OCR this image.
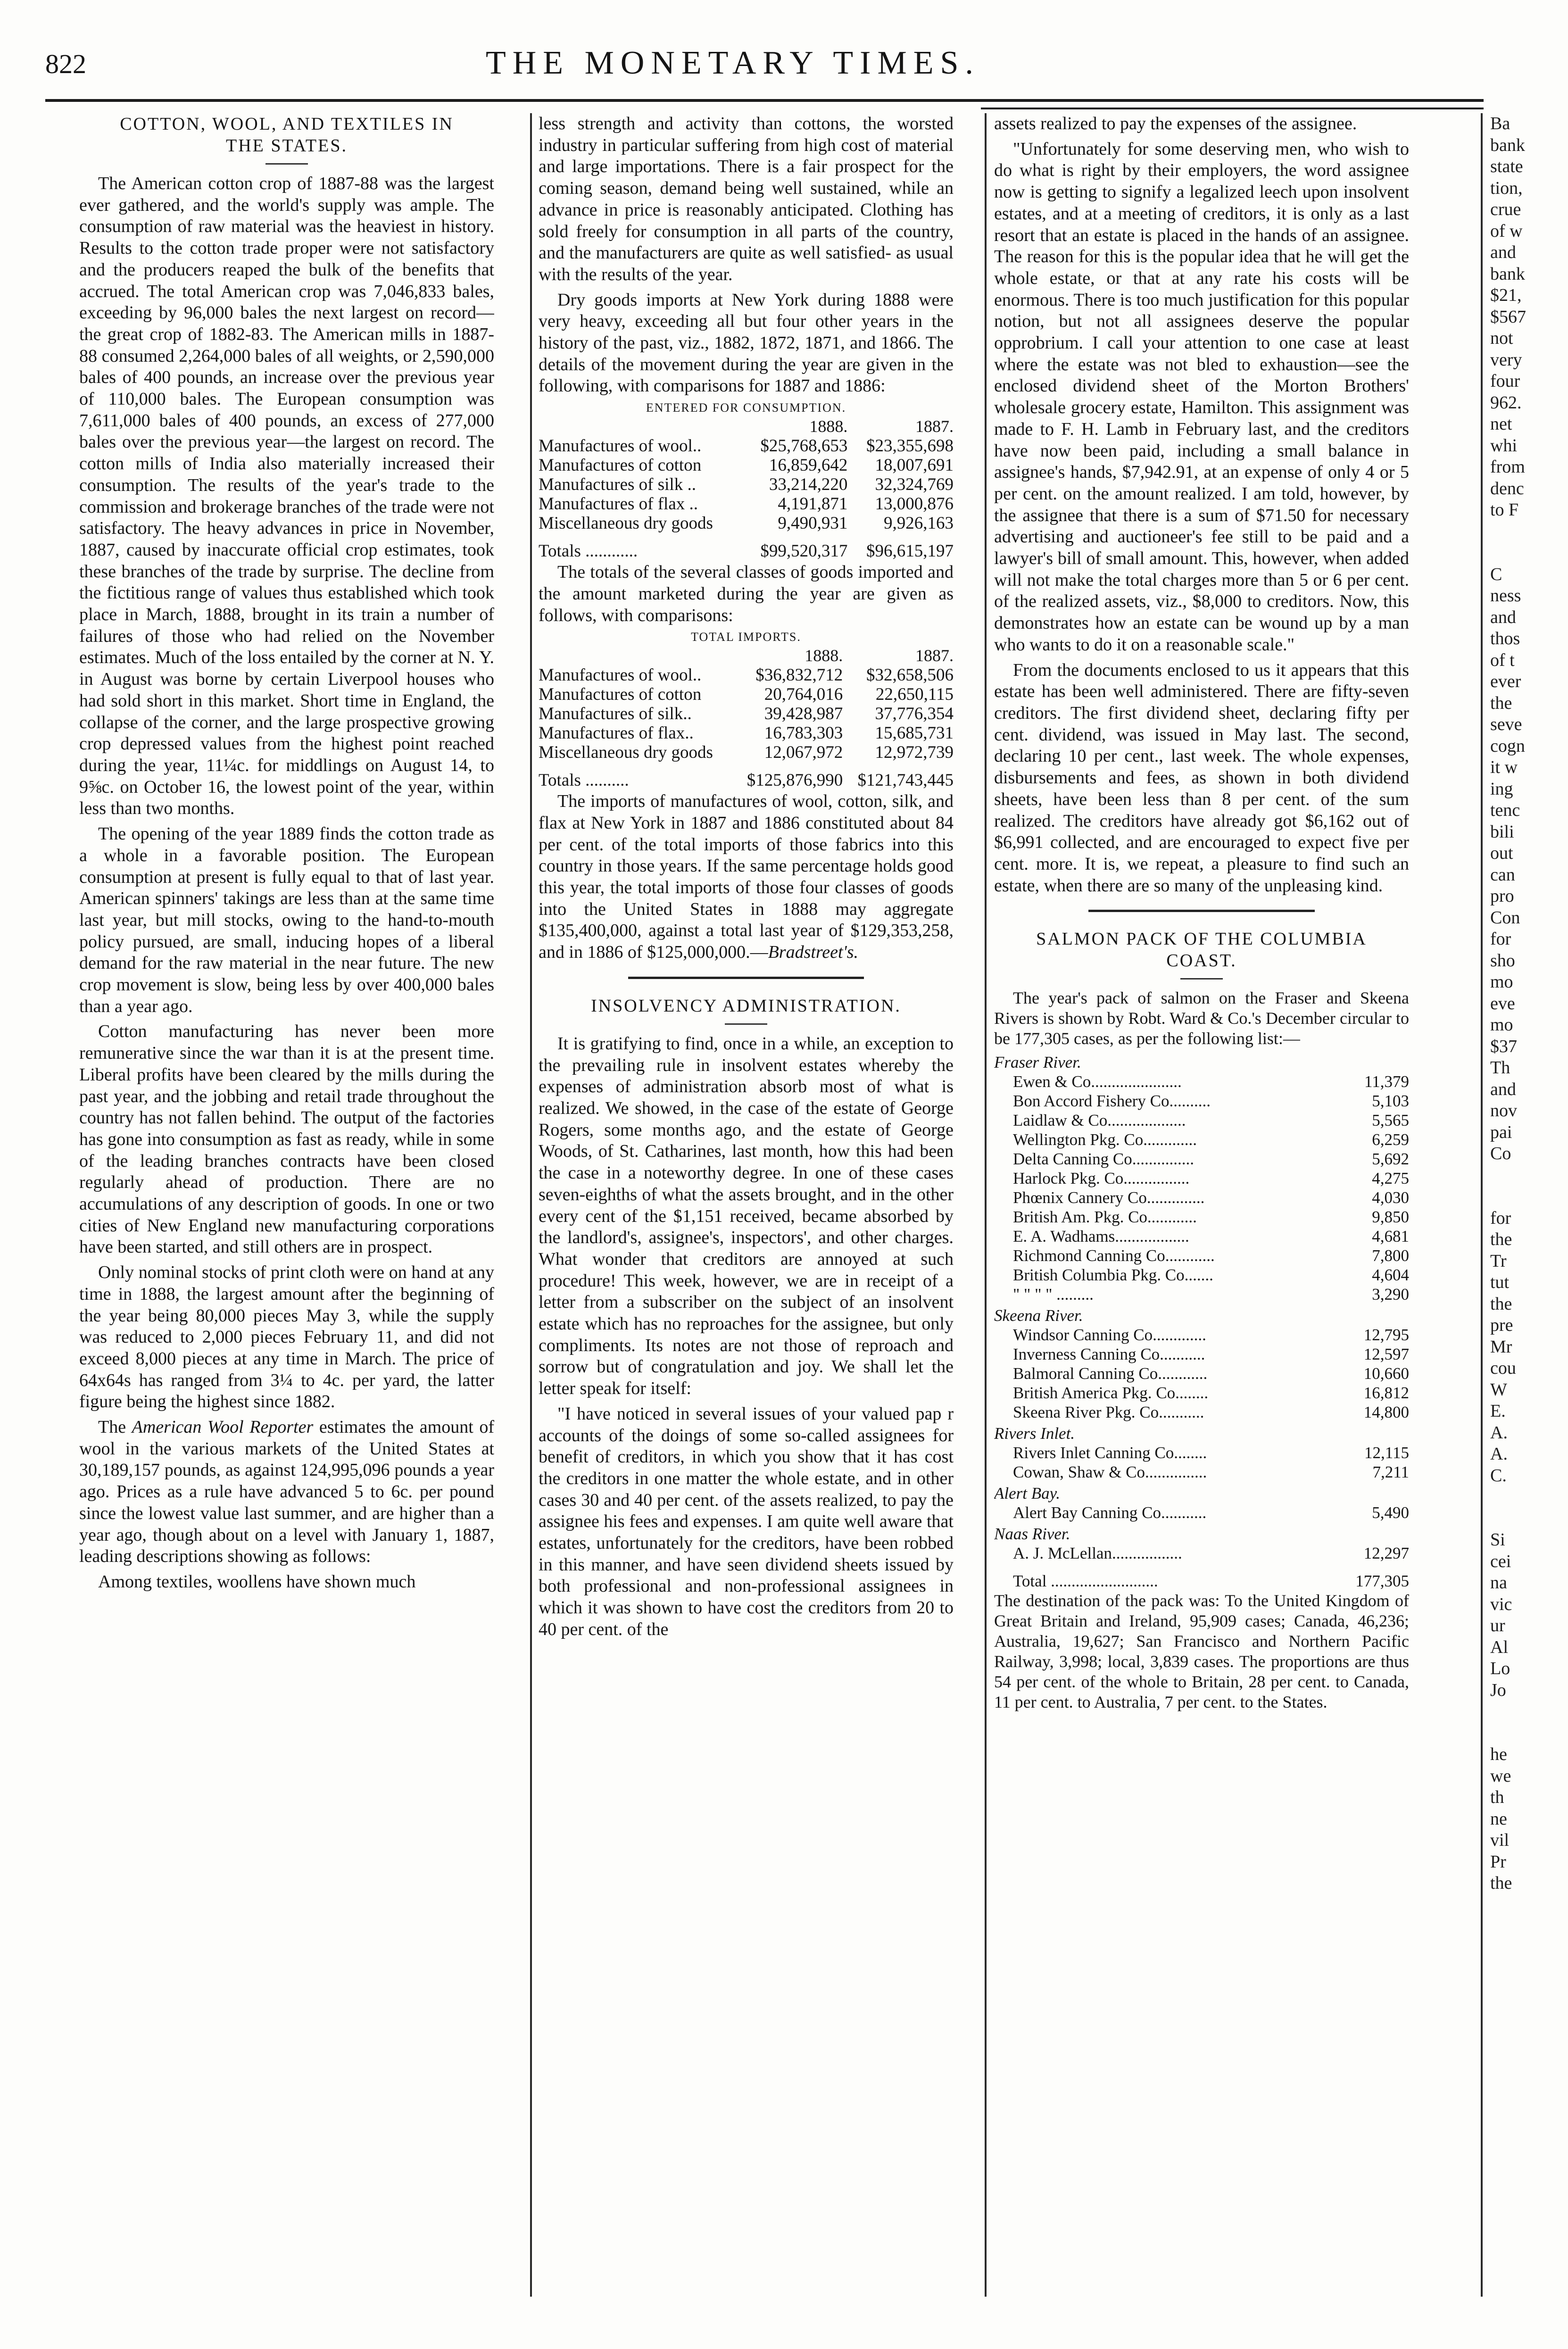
822	THE MONETARY TIMES.
COTTON, WOOL, AND TEXTILES IN
THE STATES.

The American cotton crop of 1887-88 was the largest ever gathered, and the world's supply was ample. The consumption of raw material was the heaviest in history. Results to the cotton trade proper were not satisfactory and the producers reaped the bulk of the benefits that accrued. The total American crop was 7,046,833 bales, exceeding by 96,000 bales the next largest on record—the great crop of 1882-83. The American mills in 1887-88 consumed 2,264,000 bales of all weights, or 2,590,000 bales of 400 pounds, an increase over the previous year of 110,000 bales. The European consumption was 7,611,000 bales of 400 pounds, an excess of 277,000 bales over the previous year—the largest on record. The cotton mills of India also materially increased their consumption. The results of the year's trade to the commission and brokerage branches of the trade were not satisfactory. The heavy advances in price in November, 1887, caused by inaccurate official crop estimates, took these branches of the trade by surprise. The decline from the fictitious range of values thus established which took place in March, 1888, brought in its train a number of failures of those who had relied on the November estimates. Much of the loss entailed by the corner at N. Y. in August was borne by certain Liverpool houses who had sold short in this market. Short time in England, the collapse of the corner, and the large prospective growing crop depressed values from the highest point reached during the year, 11¼c. for middlings on August 14, to 9⅝c. on October 16, the lowest point of the year, within less than two months.

The opening of the year 1889 finds the cotton trade as a whole in a favorable position. The European consumption at present is fully equal to that of last year. American spinners' takings are less than at the same time last year, but mill stocks, owing to the hand-to-mouth policy pursued, are small, inducing hopes of a liberal demand for the raw material in the near future. The new crop movement is slow, being less by over 400,000 bales than a year ago.

Cotton manufacturing has never been more remunerative since the war than it is at the present time. Liberal profits have been cleared by the mills during the past year, and the jobbing and retail trade throughout the country has not fallen behind. The output of the factories has gone into consumption as fast as ready, while in some of the leading branches contracts have been closed regularly ahead of production. There are no accumulations of any description of goods. In one or two cities of New England new manufacturing corporations have been started, and still others are in prospect.

Only nominal stocks of print cloth were on hand at any time in 1888, the largest amount after the beginning of the year being 80,000 pieces May 3, while the supply was reduced to 2,000 pieces February 11, and did not exceed 8,000 pieces at any time in March. The price of 64x64s has ranged from 3¼ to 4c. per yard, the latter figure being the highest since 1882.

The American Wool Reporter estimates the amount of wool in the various markets of the United States at 30,189,157 pounds, as against 124,995,096 pounds a year ago. Prices as a rule have advanced 5 to 6c. per pound since the lowest value last summer, and are higher than a year ago, though about on a level with January 1, 1887, leading descriptions showing as follows:

Among textiles, woollens have shown much

less strength and activity than cottons, the worsted industry in particular suffering from high cost of material and large importations. There is a fair prospect for the coming season, demand being well sustained, while an advance in price is reasonably anticipated. Clothing has sold freely for consumption in all parts of the country, and the manufacturers are quite as well satisfied- as usual with the results of the year.

Dry goods imports at New York during 1888 were very heavy, exceeding all but four other years in the history of the past, viz., 1882, 1872, 1871, and 1866. The details of the movement during the year are given in the following, with comparisons for 1887 and 1886:

ENTERED FOR CONSUMPTION.
	1888.	1887.
Manufactures of wool..	$25,768,653	$23,355,698
Manufactures of cotton	16,859,642	18,007,691
Manufactures of silk ..	33,214,220	32,324,769
Manufactures of flax ..	4,191,871	13,000,876
Miscellaneous dry goods	9,490,931	9,926,163
Totals ............	$99,520,317	$96,615,197

The totals of the several classes of goods imported and the amount marketed during the year are given as follows, with comparisons:

TOTAL IMPORTS.
	1888.	1887.
Manufactures of wool..	$36,832,712	$32,658,506
Manufactures of cotton	20,764,016	22,650,115
Manufactures of silk..	39,428,987	37,776,354
Manufactures of flax..	16,783,303	15,685,731
Miscellaneous dry goods	12,067,972	12,972,739
Totals ..........	$125,876,990	$121,743,445

The imports of manufactures of wool, cotton, silk, and flax at New York in 1887 and 1886 constituted about 84 per cent. of the total imports of those fabrics into this country in those years. If the same percentage holds good this year, the total imports of those four classes of goods into the United States in 1888 may aggregate $135,400,000, against a total last year of $129,353,258, and in 1886 of $125,000,000.—Bradstreet's.

INSOLVENCY ADMINISTRATION.

It is gratifying to find, once in a while, an exception to the prevailing rule in insolvent estates whereby the expenses of administration absorb most of what is realized. We showed, in the case of the estate of George Rogers, some months ago, and the estate of George Woods, of St. Catharines, last month, how this had been the case in a noteworthy degree. In one of these cases seven-eighths of what the assets brought, and in the other every cent of the $1,151 received, became absorbed by the landlord's, assignee's, inspectors', and other charges. What wonder that creditors are annoyed at such procedure! This week, however, we are in receipt of a letter from a subscriber on the subject of an insolvent estate which has no reproaches for the assignee, but only compliments. Its notes are not those of reproach and sorrow but of congratulation and joy. We shall let the letter speak for itself:

"I have noticed in several issues of your valued pap r accounts of the doings of some so-called assignees for benefit of creditors, in which you show that it has cost the creditors in one matter the whole estate, and in other cases 30 and 40 per cent. of the assets realized, to pay the assignee his fees and expenses. I am quite well aware that estates, unfortunately for the creditors, have been robbed in this manner, and have seen dividend sheets issued by both professional and non-professional assignees in which it was shown to have cost the creditors from 20 to 40 per cent. of the

assets realized to pay the expenses of the assignee.

"Unfortunately for some deserving men, who wish to do what is right by their employers, the word assignee now is getting to signify a legalized leech upon insolvent estates, and at a meeting of creditors, it is only as a last resort that an estate is placed in the hands of an assignee. The reason for this is the popular idea that he will get the whole estate, or that at any rate his costs will be enormous. There is too much justification for this popular notion, but not all assignees deserve the popular opprobrium. I call your attention to one case at least where the estate was not bled to exhaustion—see the enclosed dividend sheet of the Morton Brothers' wholesale grocery estate, Hamilton. This assignment was made to F. H. Lamb in February last, and the creditors have now been paid, including a small balance in assignee's hands, $7,942.91, at an expense of only 4 or 5 per cent. on the amount realized. I am told, however, by the assignee that there is a sum of $71.50 for necessary advertising and auctioneer's fee still to be paid and a lawyer's bill of small amount. This, however, when added will not make the total charges more than 5 or 6 per cent. of the realized assets, viz., $8,000 to creditors. Now, this demonstrates how an estate can be wound up by a man who wants to do it on a reasonable scale."

From the documents enclosed to us it appears that this estate has been well administered. There are fifty-seven creditors. The first dividend sheet, declaring fifty per cent. dividend, was issued in May last. The second, declaring 10 per cent., last week. The whole expenses, disbursements and fees, as shown in both dividend sheets, have been less than 8 per cent. of the sum realized. The creditors have already got $6,162 out of $6,991 collected, and are encouraged to expect five per cent. more. It is, we repeat, a pleasure to find such an estate, when there are so many of the unpleasing kind.

SALMON PACK OF THE COLUMBIA
COAST.

The year's pack of salmon on the Fraser and Skeena Rivers is shown by Robt. Ward & Co.'s December circular to be 177,305 cases, as per the following list:—

Fraser River.
Ewen & Co......................	11,379
Bon Accord Fishery Co..........	5,103
Laidlaw & Co...................	5,565
Wellington Pkg. Co.............	6,259
Delta Canning Co...............	5,692
Harlock Pkg. Co................	4,275
Phœnix Cannery Co..............	4,030
British Am. Pkg. Co............	9,850
E. A. Wadhams..................	4,681
Richmond Canning Co............	7,800
British Columbia Pkg. Co.......	4,604
" " " " .........	3,290
Skeena River.
Windsor Canning Co.............	12,795
Inverness Canning Co...........	12,597
Balmoral Canning Co............	10,660
British America Pkg. Co........	16,812
Skeena River Pkg. Co...........	14,800
Rivers Inlet.
Rivers Inlet Canning Co........	12,115
Cowan, Shaw & Co...............	7,211
Alert Bay.
Alert Bay Canning Co...........	5,490
Naas River.
A. J. McLellan.................	12,297
Total ..........................	177,305

The destination of the pack was: To the United Kingdom of Great Britain and Ireland, 95,909 cases; Canada, 46,236; Australia, 19,627; San Francisco and Northern Pacific Railway, 3,998; local, 3,839 cases. The proportions are thus 54 per cent. of the whole to Britain, 28 per cent. to Canada, 11 per cent. to Australia, 7 per cent. to the States.

Ba
bank
state
tion,
crue
of w
and
bank
$21,
$567
not
very
four
962.
net
whi
from
denc
to F
C
ness
and
thos
of t
ever
the
seve
cogn
it w
ing
tenc
bili
out
can
pro
Con
for
sho
mo
eve
mo
$37
Th
and
nov
pai
Co
for
the
Tr
tut
the
pre
Mr
cou
W
E.
A.
A.
C.
Si
cei
na
vic
ur
Al
Lo
Jo
he
we
th
ne
vil
Pr
the
